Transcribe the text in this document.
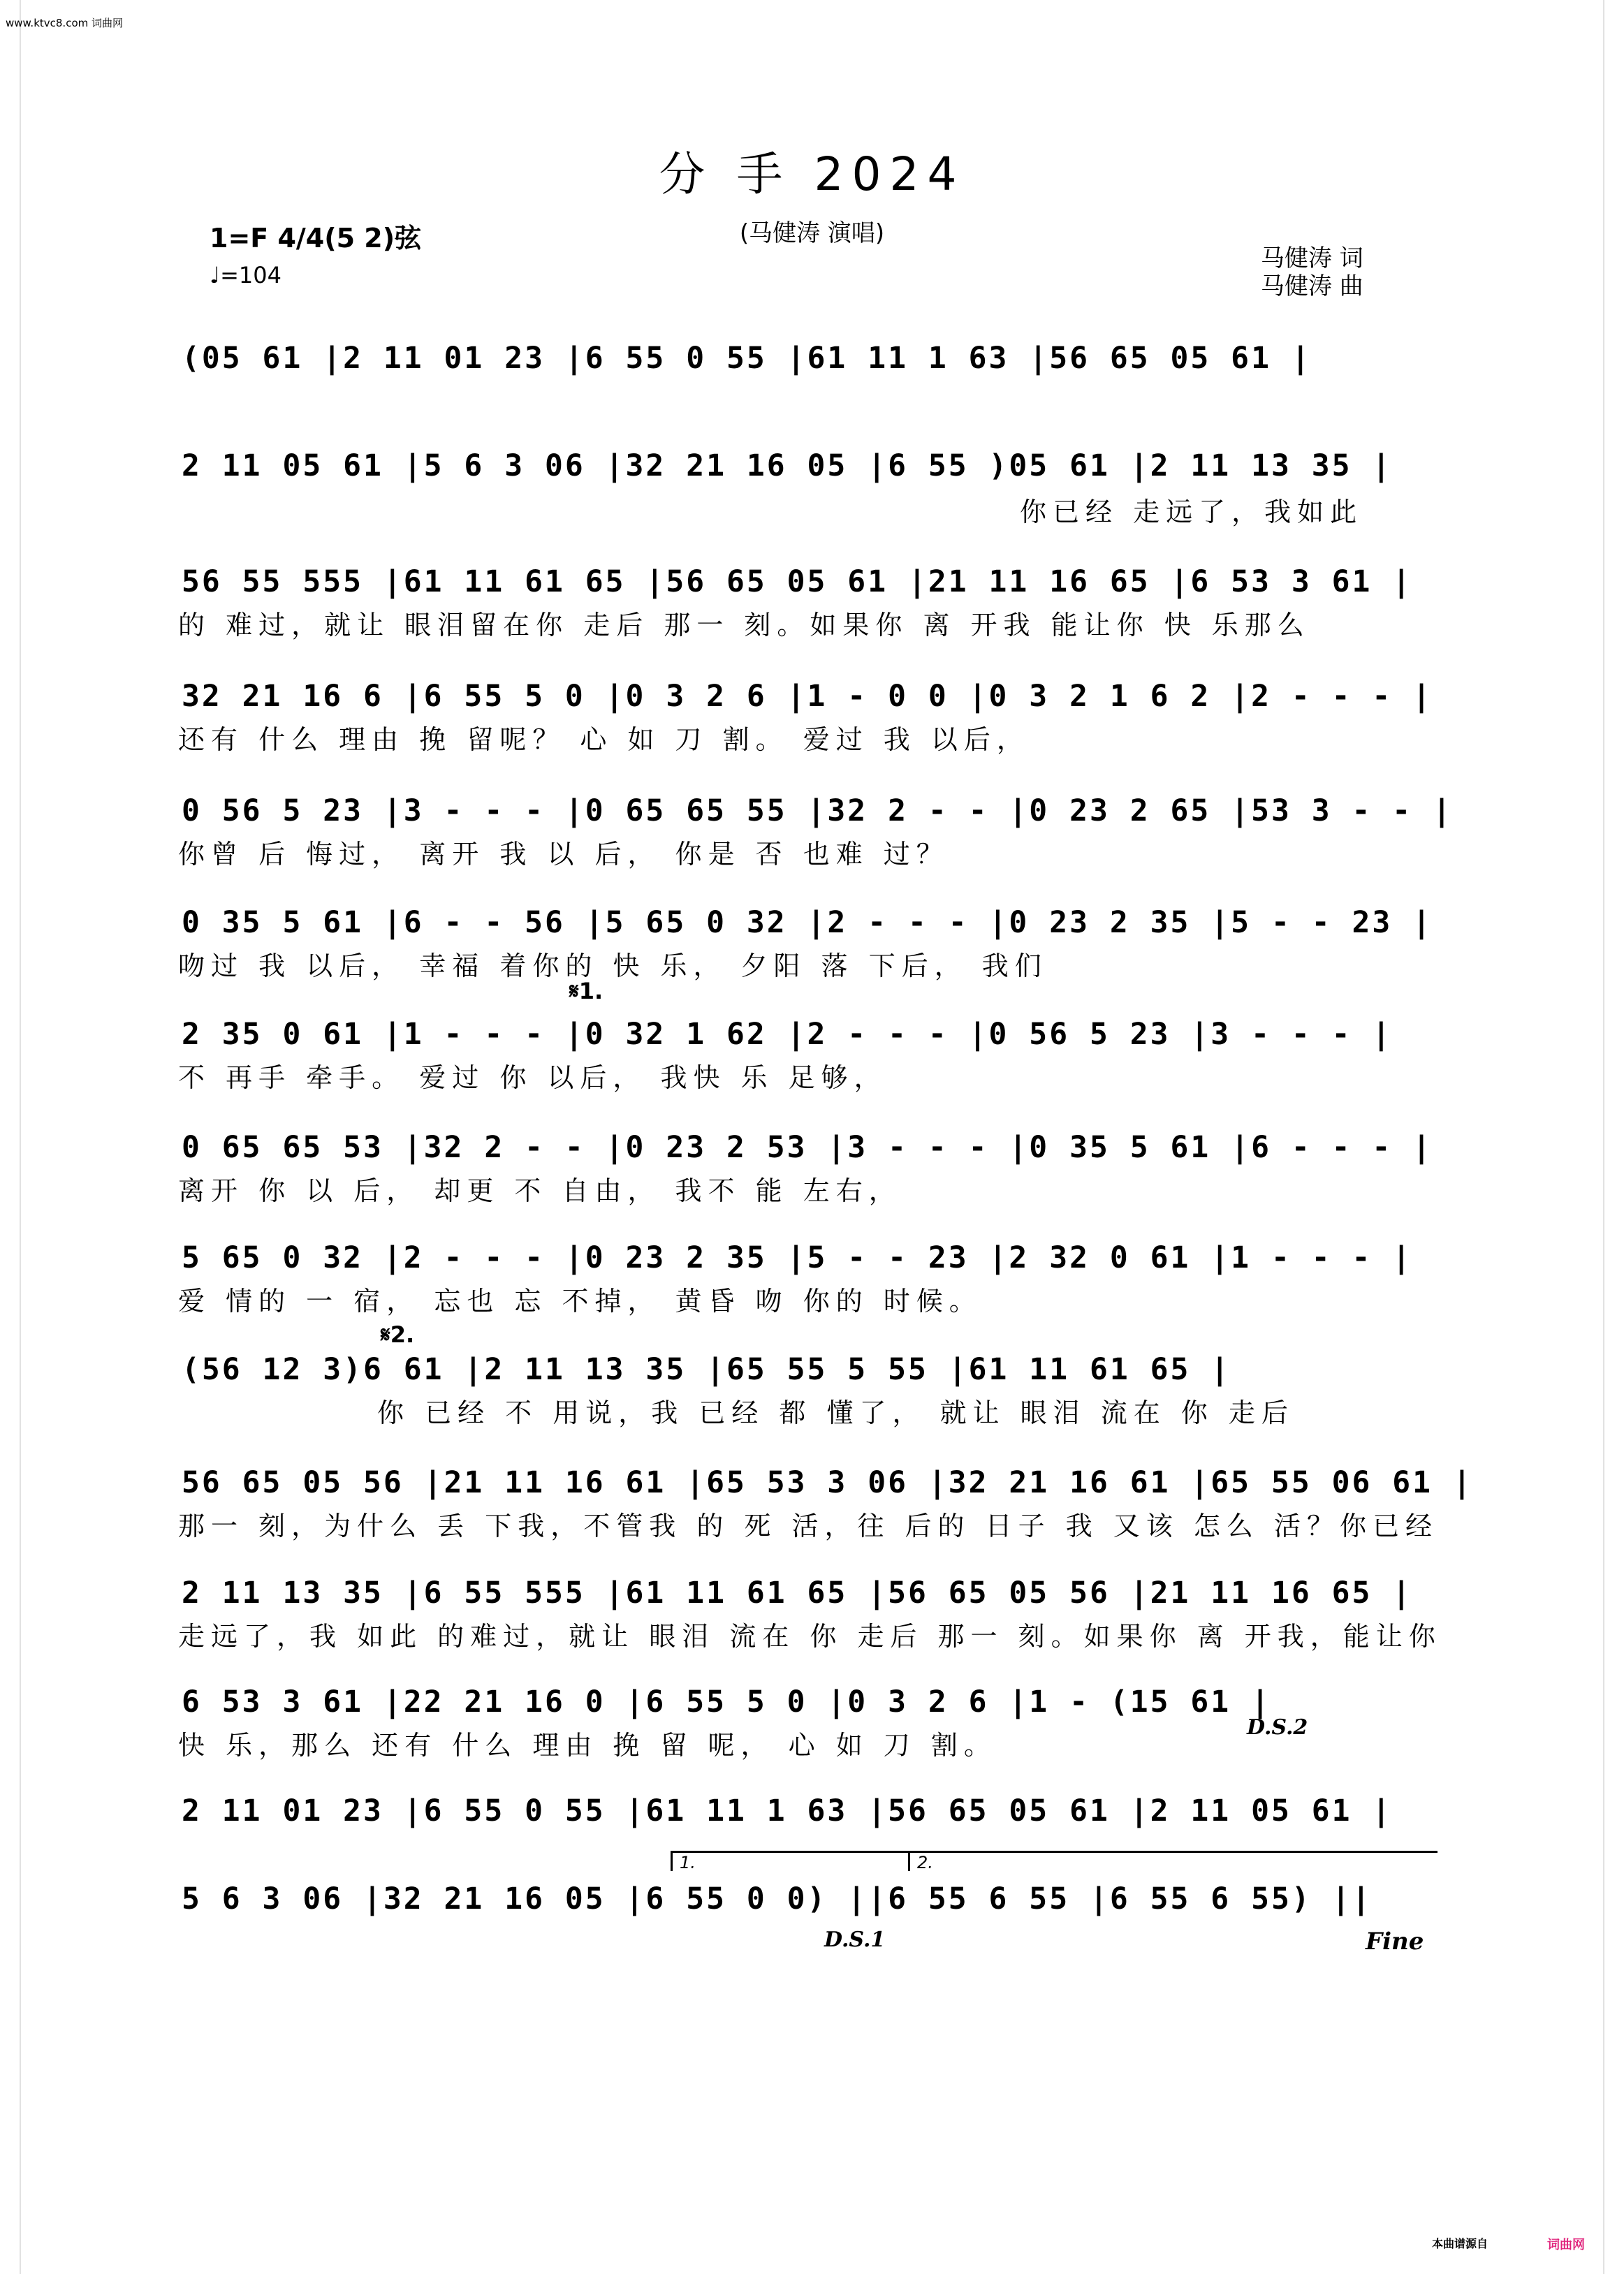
www.ktvc8.com 词曲网
分 手 2024
(马健涛 演唱)
1=F 4/4(5 2)弦
♩=104
马健涛 词
马健涛 曲
(05 61 |2 11 01 23 |6 55 0 55 |61 11 1 63 |56 65 05 61 |
2 11 05 61 |5 6 3 06 |32 21 16 05 |6 55 )05 61 |2 11 13 35 |
你已经 走远了，我如此
56 55 555 |61 11 61 65 |56 65 05 61 |21 11 16 65 |6 53 3 61 |
的 难过，就让 眼泪留在你 走后 那一 刻。如果你 离 开我 能让你 快 乐那么
32 21 16 6 |6 55 5 0 |0 3 2 6 |1 - 0 0 |0 3 2 1 6 2 |2 - - - |
还有 什么 理由 挽 留呢？ 心 如 刀 割。 爱过 我 以后，
0 56 5 23 |3 - - - |0 65 65 55 |32 2 - - |0 23 2 65 |53 3 - - |
你曾 后 悔过， 离开 我 以 后， 你是 否 也难 过？
0 35 5 61 |6 - - 56 |5 65 0 32 |2 - - - |0 23 2 35 |5 - - 23 |
吻过 我 以后， 幸福 着你的 快 乐， 夕阳 落 下后， 我们
𝄋1.
2 35 0 61 |1 - - - |0 32 1 62 |2 - - - |0 56 5 23 |3 - - - |
不 再手 牵手。 爱过 你 以后， 我快 乐 足够，
0 65 65 53 |32 2 - - |0 23 2 53 |3 - - - |0 35 5 61 |6 - - - |
离开 你 以 后， 却更 不 自由， 我不 能 左右，
5 65 0 32 |2 - - - |0 23 2 35 |5 - - 23 |2 32 0 61 |1 - - - |
爱 情的 一 宿， 忘也 忘 不掉， 黄昏 吻 你的 时候。
𝄋2.
(56 12 3)6 61 |2 11 13 35 |65 55 5 55 |61 11 61 65 |
你 已经 不 用说，我 已经 都 懂了， 就让 眼泪 流在 你 走后
56 65 05 56 |21 11 16 61 |65 53 3 06 |32 21 16 61 |65 55 06 61 |
那一 刻，为什么 丢 下我，不管我 的 死 活，往 后的 日子 我 又该 怎么 活？你已经
2 11 13 35 |6 55 555 |61 11 61 65 |56 65 05 56 |21 11 16 65 |
走远了，我 如此 的难过，就让 眼泪 流在 你 走后 那一 刻。如果你 离 开我，能让你
6 53 3 61 |22 21 16 0 |6 55 5 0 |0 3 2 6 |1 - (15 61 |
快 乐，那么 还有 什么 理由 挽 留 呢， 心 如 刀 割。
D.S.2
2 11 01 23 |6 55 0 55 |61 11 1 63 |56 65 05 61 |2 11 05 61 |
1.	2.
5 6 3 06 |32 21 16 05 |6 55 0 0) ||6 55 6 55 |6 55 6 55) ||
D.S.1	Fine
本曲谱源自	词曲网
